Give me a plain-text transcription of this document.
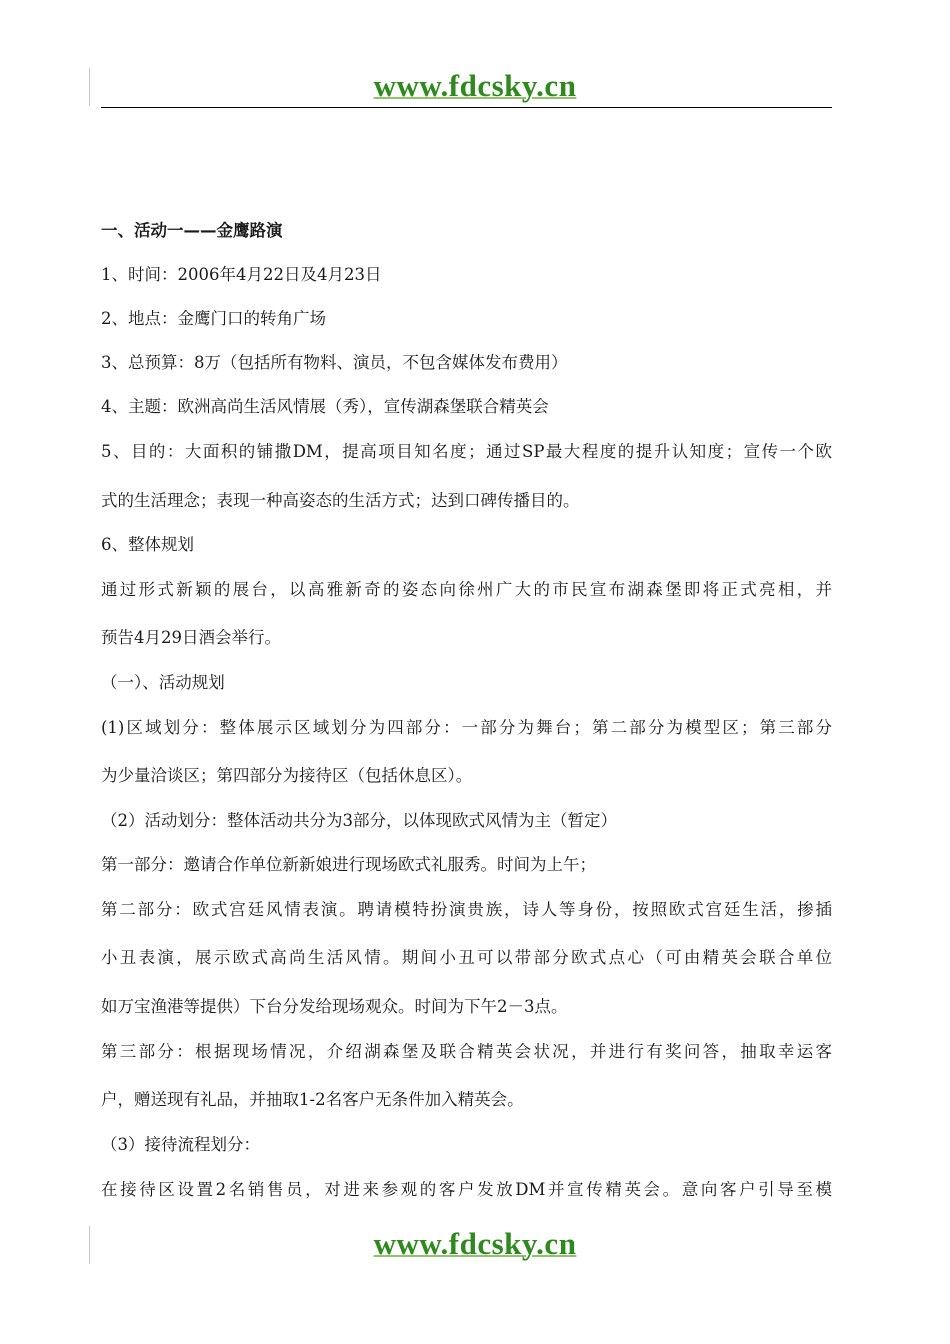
www.fdcsky.cn
一、活动一——金鹰路演
1、时间：2006年4月22日及4月23日
2、地点：金鹰门口的转角广场
3、总预算：8万（包括所有物料、演员，不包含媒体发布费用）
4、主题：欧洲高尚生活风情展（秀），宣传湖森堡联合精英会
5、目的：大面积的铺撒DM，提高项目知名度；通过SP最大程度的提升认知度；宣传一个欧
式的生活理念；表现一种高姿态的生活方式；达到口碑传播目的。
6、整体规划
通过形式新颖的展台，以高雅新奇的姿态向徐州广大的市民宣布湖森堡即将正式亮相，并
预告4月29日酒会举行。
（一）、活动规划
(1)区域划分：整体展示区域划分为四部分：一部分为舞台；第二部分为模型区；第三部分
为少量洽谈区；第四部分为接待区（包括休息区）。
（2）活动划分：整体活动共分为3部分，以体现欧式风情为主（暂定）
第一部分：邀请合作单位新新娘进行现场欧式礼服秀。时间为上午；
第二部分：欧式宫廷风情表演。聘请模特扮演贵族，诗人等身份，按照欧式宫廷生活，掺插
小丑表演，展示欧式高尚生活风情。期间小丑可以带部分欧式点心（可由精英会联合单位
如万宝渔港等提供）下台分发给现场观众。时间为下午2－3点。
第三部分：根据现场情况，介绍湖森堡及联合精英会状况，并进行有奖问答，抽取幸运客
户，赠送现有礼品，并抽取1-2名客户无条件加入精英会。
（3）接待流程划分：
在接待区设置2名销售员，对进来参观的客户发放DM并宣传精英会。意向客户引导至模
www.fdcsky.cn
